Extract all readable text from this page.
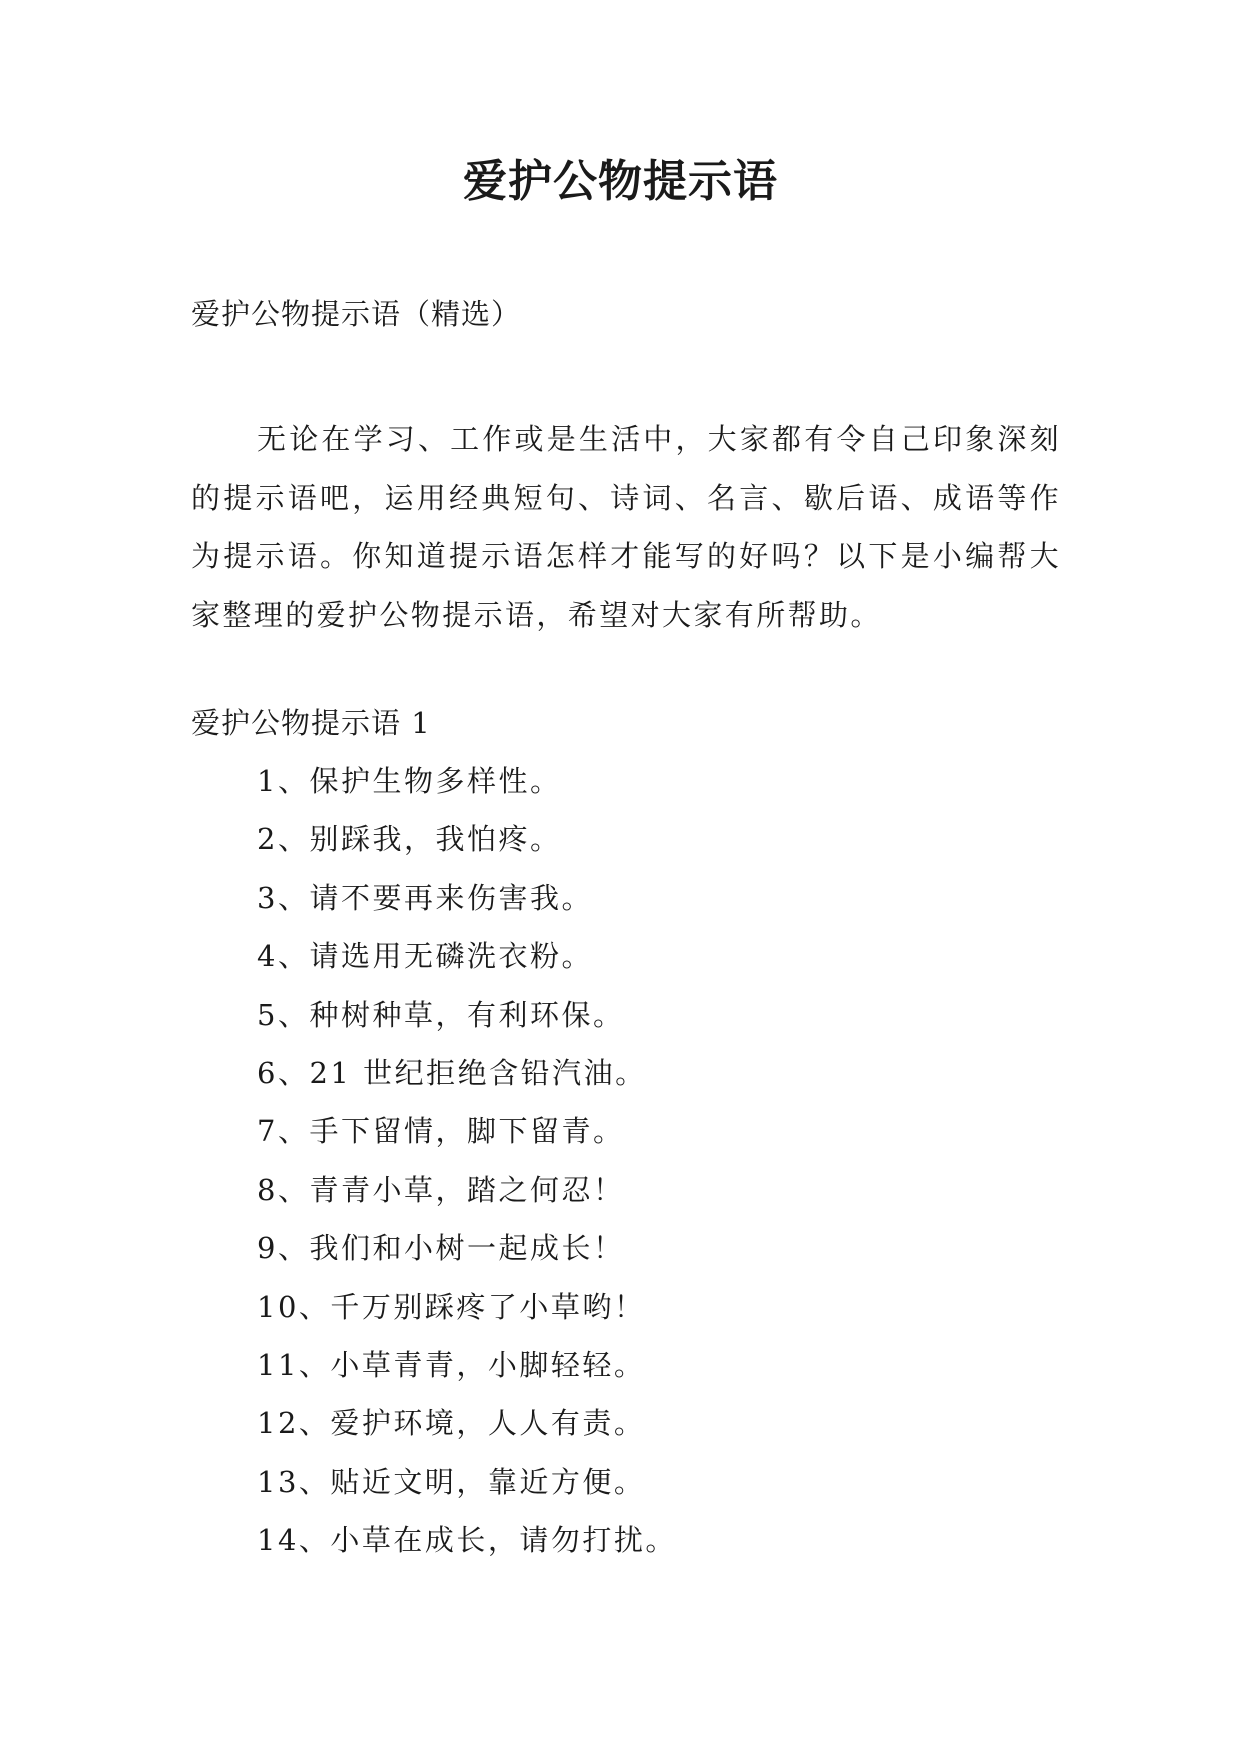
爱护公物提示语

爱护公物提示语（精选）

无论在学习、工作或是生活中，大家都有令自己印象深刻的提示语吧，运用经典短句、诗词、名言、歇后语、成语等作为提示语。你知道提示语怎样才能写的好吗？以下是小编帮大家整理的爱护公物提示语，希望对大家有所帮助。

爱护公物提示语 1

1、保护生物多样性。
2、别踩我，我怕疼。
3、请不要再来伤害我。
4、请选用无磷洗衣粉。
5、种树种草，有利环保。
6、21 世纪拒绝含铅汽油。
7、手下留情，脚下留青。
8、青青小草，踏之何忍！
9、我们和小树一起成长！
10、千万别踩疼了小草哟！
11、小草青青，小脚轻轻。
12、爱护环境，人人有责。
13、贴近文明，靠近方便。
14、小草在成长，请勿打扰。
